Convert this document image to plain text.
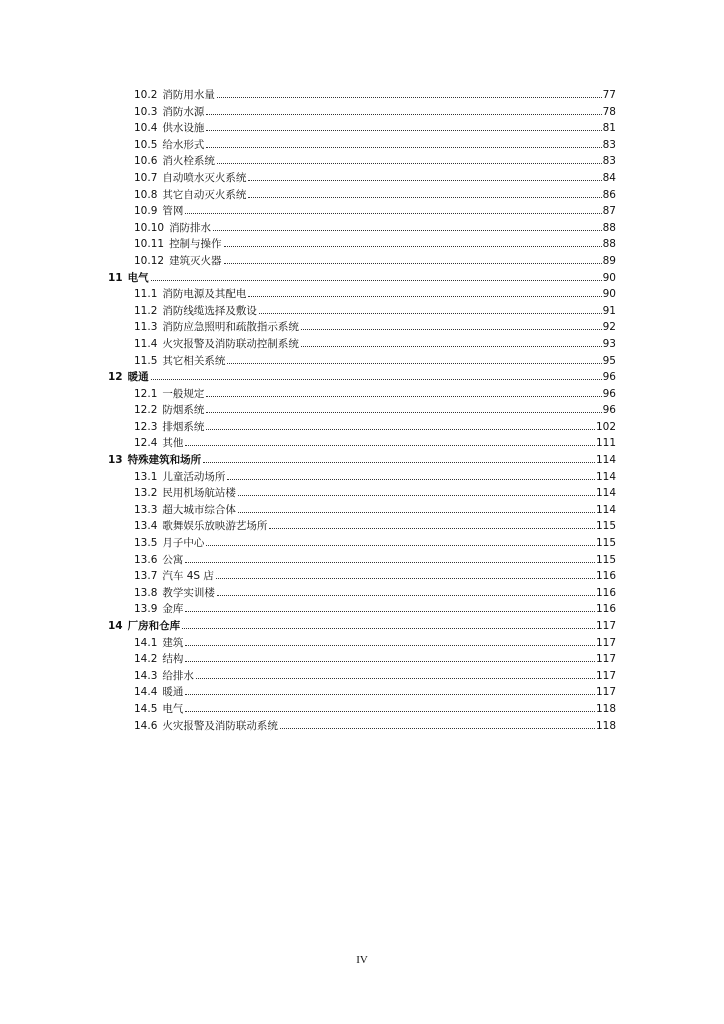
10.2 消防用水量	77
10.3 消防水源	78
10.4 供水设施	81
10.5 给水形式	83
10.6 消火栓系统	83
10.7 自动喷水灭火系统	84
10.8 其它自动灭火系统	86
10.9 管网	87
10.10 消防排水	88
10.11 控制与操作	88
10.12 建筑灭火器	89
11 电气	90
11.1 消防电源及其配电	90
11.2 消防线缆选择及敷设	91
11.3 消防应急照明和疏散指示系统	92
11.4 火灾报警及消防联动控制系统	93
11.5 其它相关系统	95
12 暖通	96
12.1 一般规定	96
12.2 防烟系统	96
12.3 排烟系统	102
12.4 其他	111
13 特殊建筑和场所	114
13.1 儿童活动场所	114
13.2 民用机场航站楼	114
13.3 超大城市综合体	114
13.4 歌舞娱乐放映游艺场所	115
13.5 月子中心	115
13.6 公寓	115
13.7 汽车 4S 店	116
13.8 教学实训楼	116
13.9 金库	116
14 厂房和仓库	117
14.1 建筑	117
14.2 结构	117
14.3 给排水	117
14.4 暖通	117
14.5 电气	118
14.6 火灾报警及消防联动系统	118
IV
